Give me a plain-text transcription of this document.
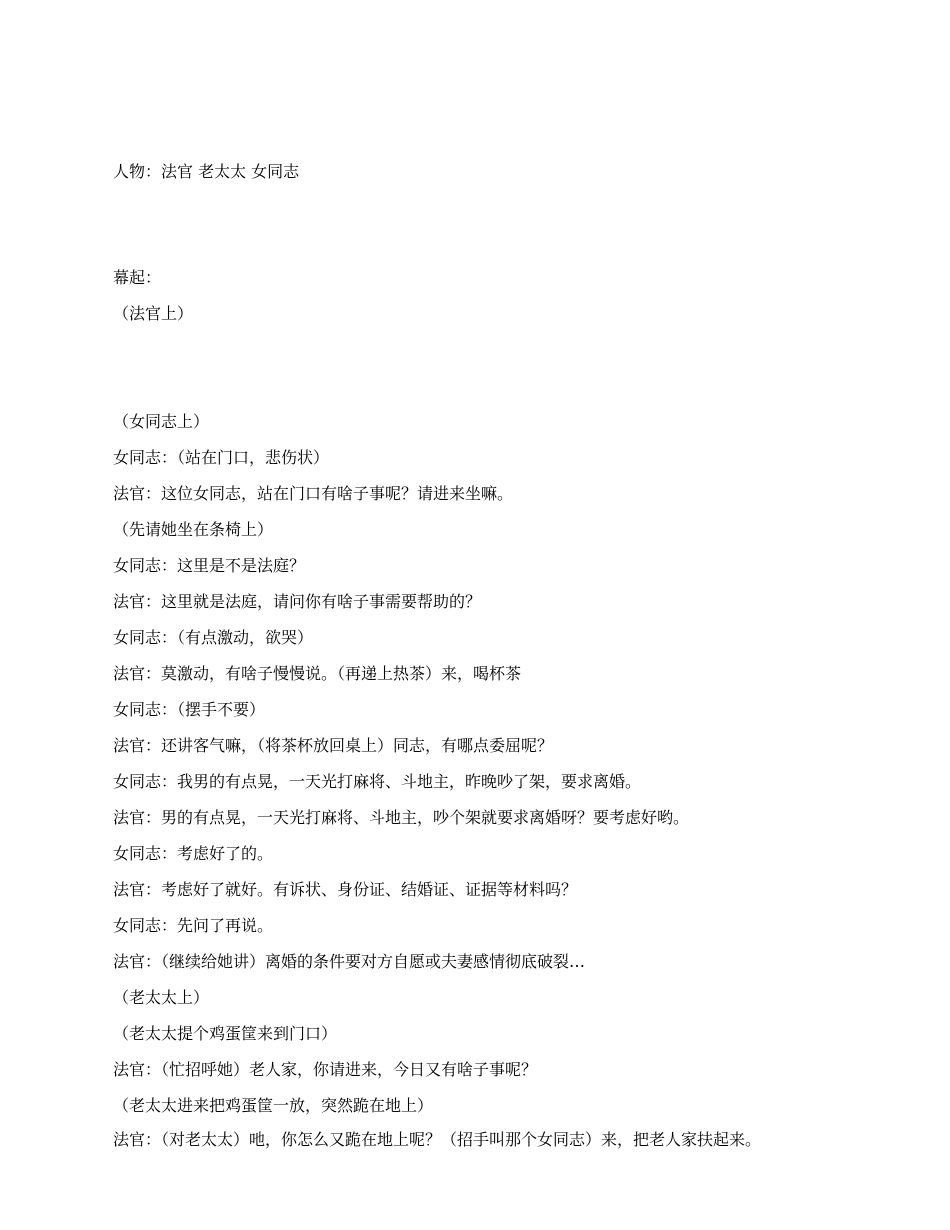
人物：法官 老太太 女同志

幕起：

（法官上）

（女同志上）

女同志：（站在门口，悲伤状）

法官：这位女同志，站在门口有啥子事呢？请进来坐嘛。

（先请她坐在条椅上）

女同志：这里是不是法庭？

法官：这里就是法庭，请问你有啥子事需要帮助的？

女同志：（有点激动，欲哭）

法官：莫激动，有啥子慢慢说。（再递上热茶）来，喝杯茶

女同志：（摆手不要）

法官：还讲客气嘛，（将茶杯放回桌上）同志，有哪点委屈呢？

女同志：我男的有点晃，一天光打麻将、斗地主，昨晚吵了架，要求离婚。

法官：男的有点晃，一天光打麻将、斗地主，吵个架就要求离婚呀？要考虑好哟。

女同志：考虑好了的。

法官：考虑好了就好。有诉状、身份证、结婚证、证据等材料吗？

女同志：先问了再说。

法官：（继续给她讲）离婚的条件要对方自愿或夫妻感情彻底破裂…

（老太太上）

（老太太提个鸡蛋筐来到门口）

法官：（忙招呼她）老人家，你请进来，今日又有啥子事呢？

（老太太进来把鸡蛋筐一放，突然跪在地上）

法官：（对老太太）吔，你怎么又跪在地上呢？（招手叫那个女同志）来，把老人家扶起来。
